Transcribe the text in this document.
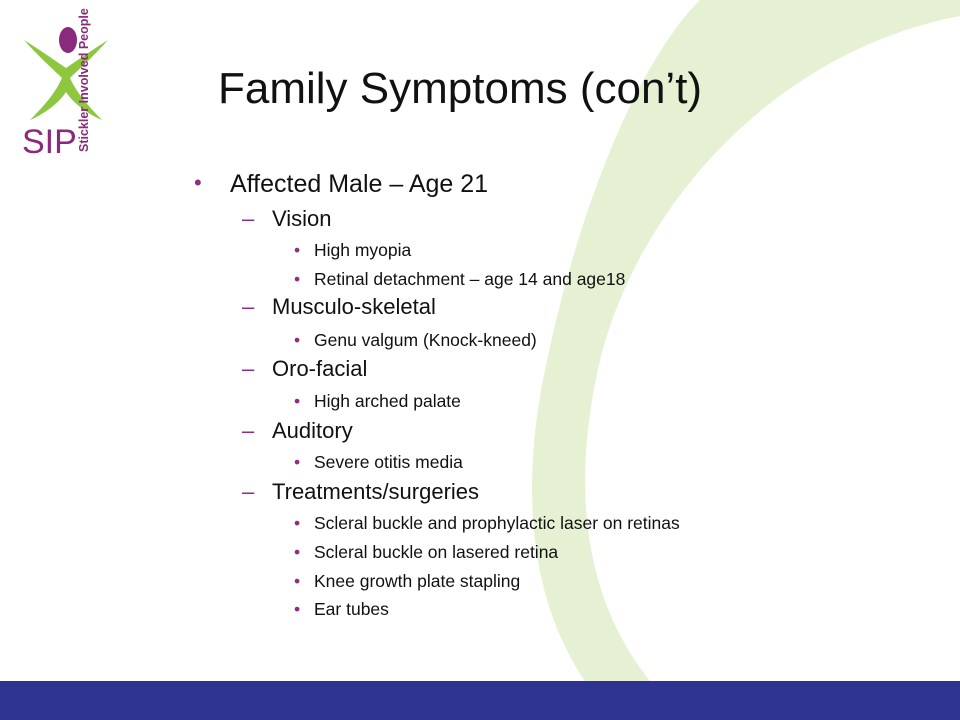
SIP Stickler Involved People	Family Symptoms (con’t)
• Affected Male – Age 21
– Vision
• High myopia
• Retinal detachment – age 14 and age18
– Musculo-skeletal
• Genu valgum (Knock-kneed)
– Oro-facial
• High arched palate
– Auditory
• Severe otitis media
– Treatments/surgeries
• Scleral buckle and prophylactic laser on retinas
• Scleral buckle on lasered retina
• Knee growth plate stapling
• Ear tubes
